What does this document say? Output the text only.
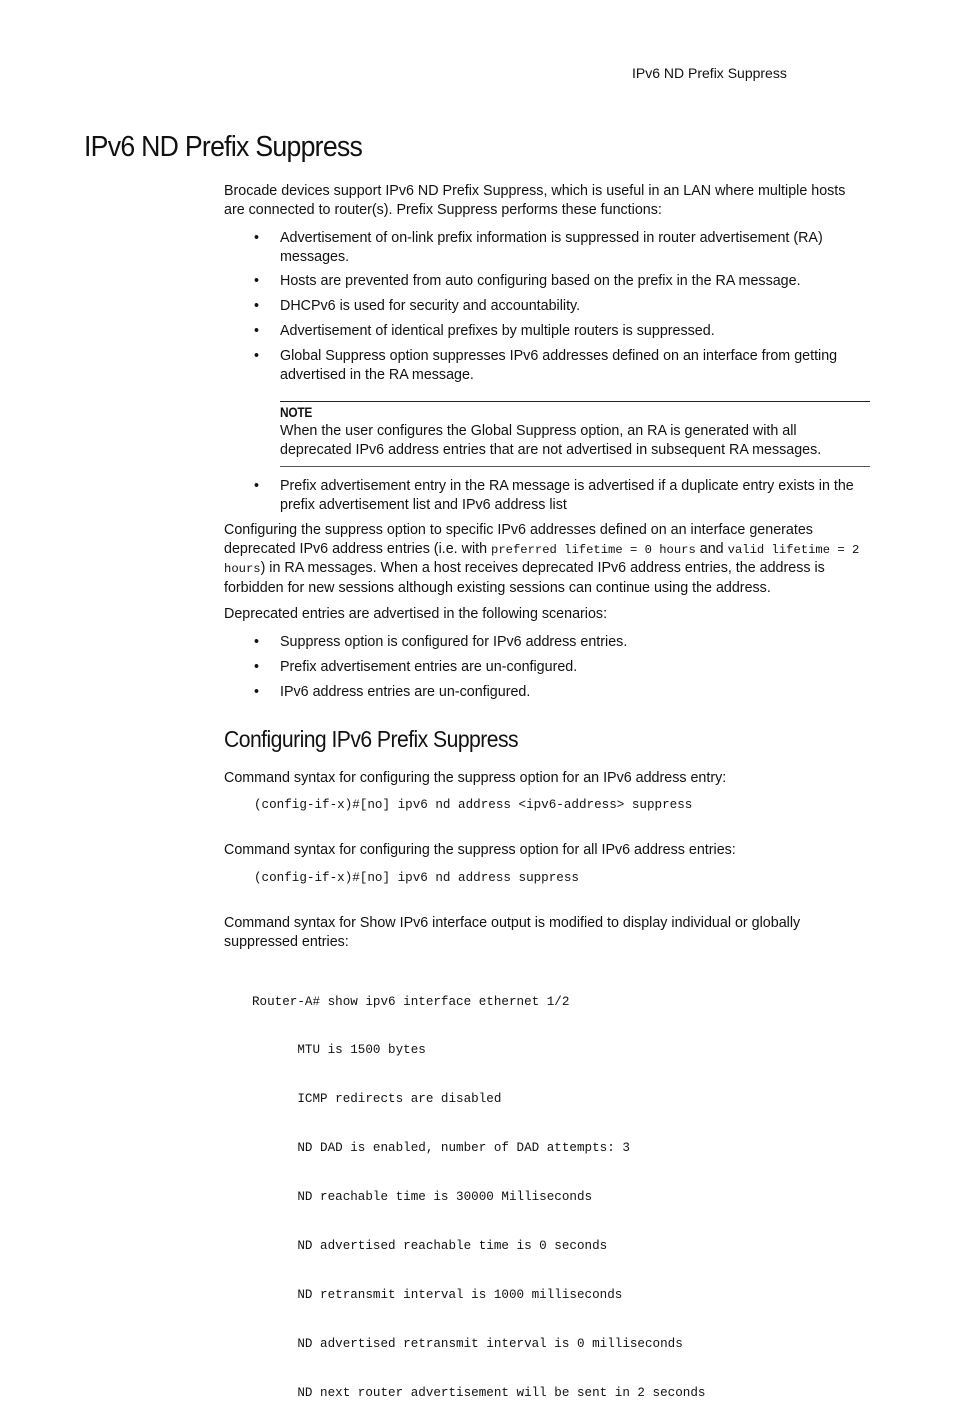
IPv6 ND Prefix Suppress
IPv6 ND Prefix Suppress

Brocade devices support IPv6 ND Prefix Suppress, which is useful in an LAN where multiple hosts are connected to router(s). Prefix Suppress performs these functions:

• Advertisement of on-link prefix information is suppressed in router advertisement (RA) messages.
• Hosts are prevented from auto configuring based on the prefix in the RA message.
• DHCPv6 is used for security and accountability.
• Advertisement of identical prefixes by multiple routers is suppressed.
• Global Suppress option suppresses IPv6 addresses defined on an interface from getting advertised in the RA message.
NOTE
When the user configures the Global Suppress option, an RA is generated with all deprecated IPv6 address entries that are not advertised in subsequent RA messages.
• Prefix advertisement entry in the RA message is advertised if a duplicate entry exists in the prefix advertisement list and IPv6 address list

Configuring the suppress option to specific IPv6 addresses defined on an interface generates deprecated IPv6 address entries (i.e. with preferred lifetime = 0 hours and valid lifetime = 2 hours) in RA messages. When a host receives deprecated IPv6 address entries, the address is forbidden for new sessions although existing sessions can continue using the address.

Deprecated entries are advertised in the following scenarios:

• Suppress option is configured for IPv6 address entries.
• Prefix advertisement entries are un-configured.
• IPv6 address entries are un-configured.
Configuring IPv6 Prefix Suppress

Command syntax for configuring the suppress option for an IPv6 address entry:

(config-if-x)#[no] ipv6 nd address <ipv6-address> suppress

Command syntax for configuring the suppress option for all IPv6 address entries:

(config-if-x)#[no] ipv6 nd address suppress

Command syntax for Show IPv6 interface output is modified to display individual or globally suppressed entries:

Router-A# show ipv6 interface ethernet 1/2

MTU is 1500 bytes

ICMP redirects are disabled

ND DAD is enabled, number of DAD attempts: 3

ND reachable time is 30000 Milliseconds

ND advertised reachable time is 0 seconds

ND retransmit interval is 1000 milliseconds

ND advertised retransmit interval is 0 milliseconds

ND next router advertisement will be sent in 2 seconds
